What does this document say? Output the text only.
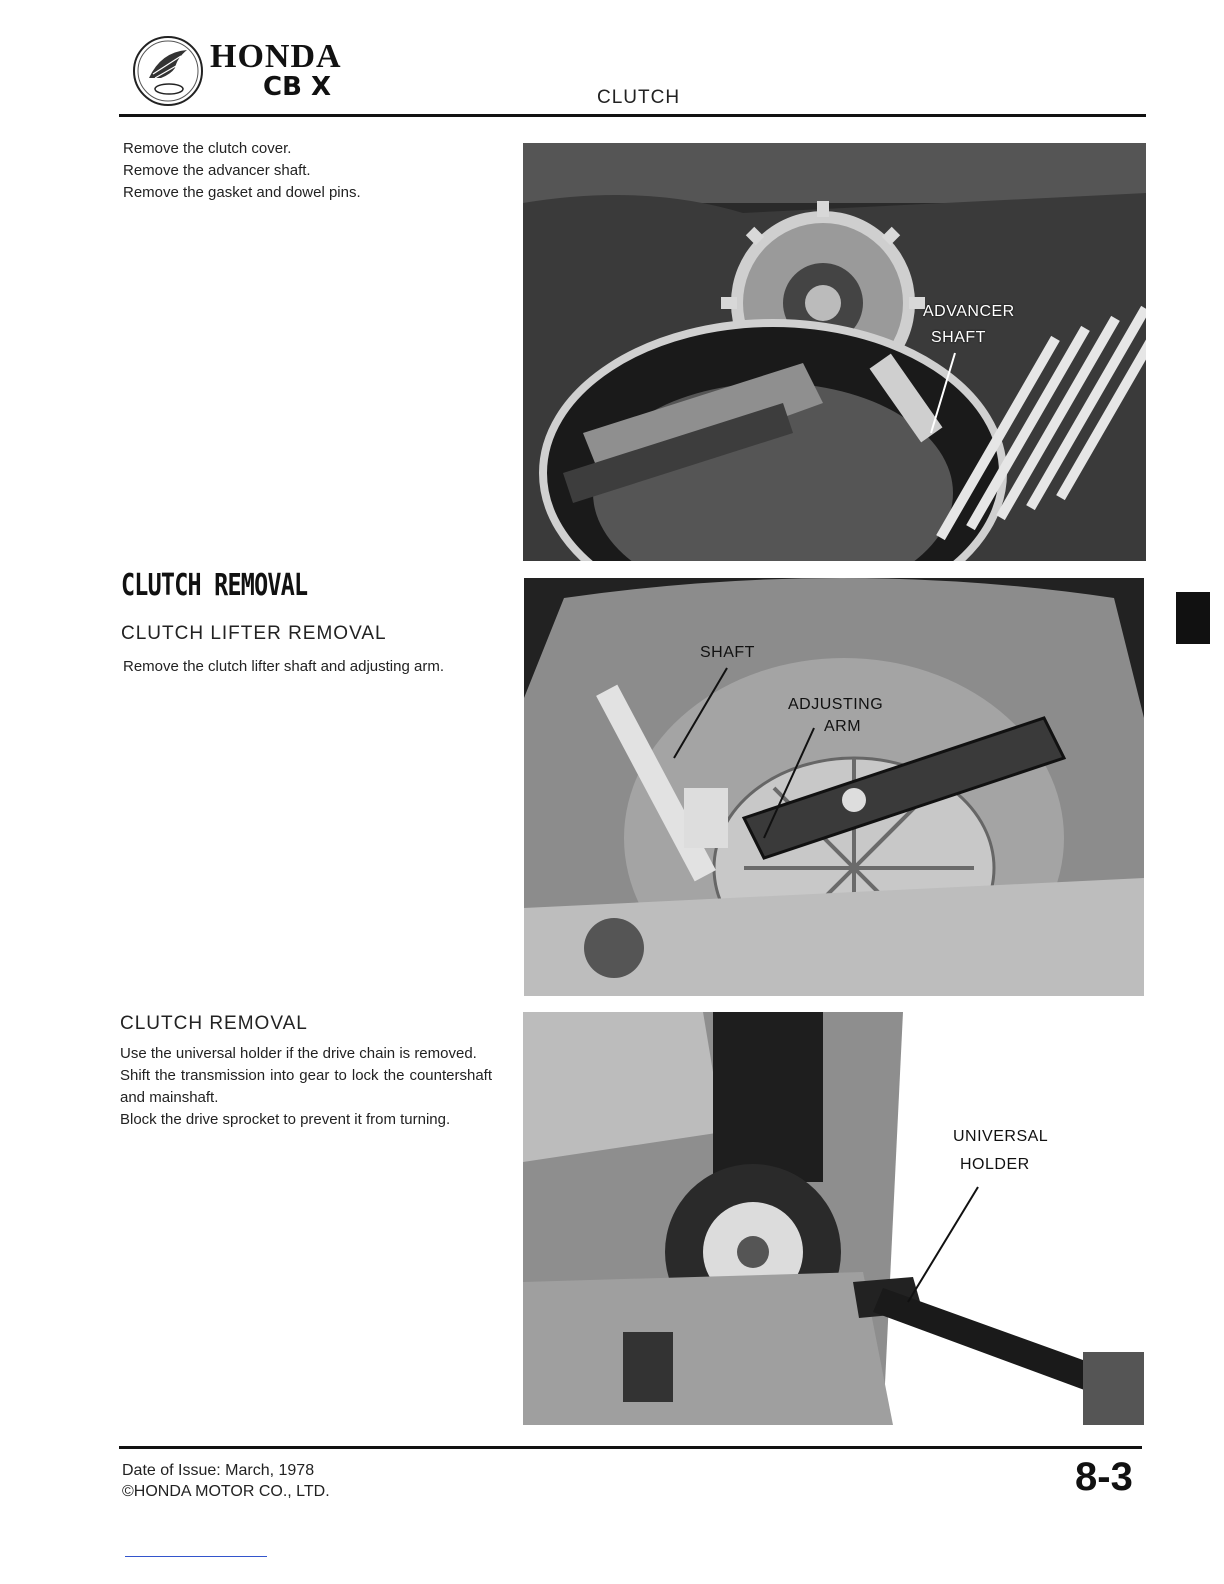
HONDA
CB X	CLUTCH

Remove the clutch cover.

Remove the advancer shaft.

Remove the gasket and dowel pins.

ADVANCER
SHAFT
CLUTCH REMOVAL
CLUTCH LIFTER REMOVAL
Remove the clutch lifter shaft and adjusting arm.
SHAFT
ADJUSTING
ARM
CLUTCH REMOVAL

Use the universal holder if the drive chain is removed.

Shift the transmission into gear to lock the countershaft and mainshaft.

Block the drive sprocket to prevent it from turning.

UNIVERSAL
HOLDER

Date of Issue: March, 1978

©HONDA MOTOR CO., LTD.	8-3
